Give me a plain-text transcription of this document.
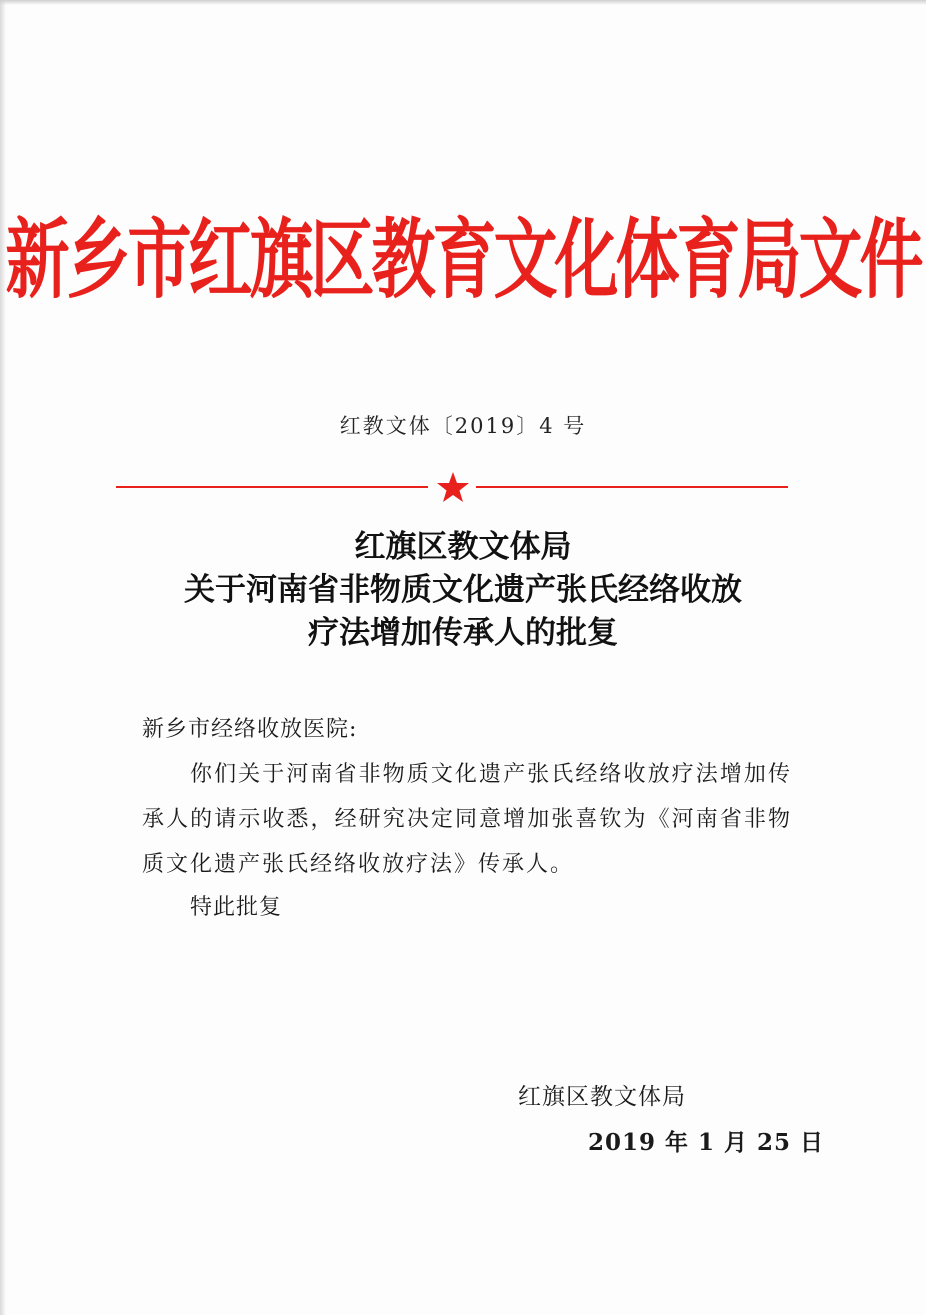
新乡市红旗区教育文化体育局文件
红教文体〔2019〕4 号
红旗区教文体局
关于河南省非物质文化遗产张氏经络收放
疗法增加传承人的批复
新乡市经络收放医院:
你们关于河南省非物质文化遗产张氏经络收放疗法增加传承人的请示收悉，经研究决定同意增加张喜钦为《河南省非物质文化遗产张氏经络收放疗法》传承人。
特此批复
红旗区教文体局
2019 年 1 月 25 日
